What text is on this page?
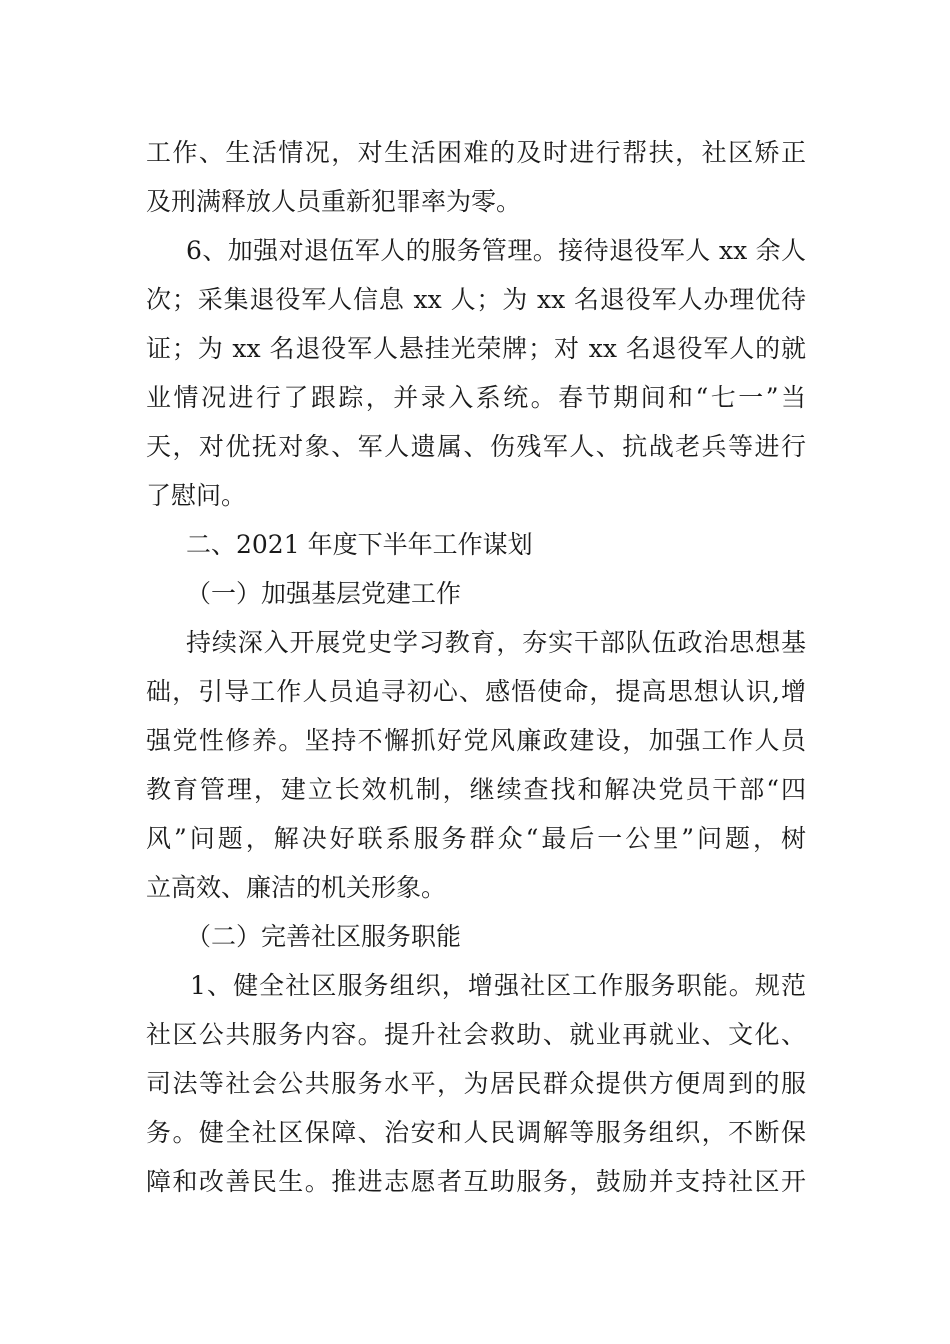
工作、生活情况，对生活困难的及时进行帮扶，社区矫正
及刑满释放人员重新犯罪率为零。
6、加强对退伍军人的服务管理。接待退役军人 xx 余人
次；采集退役军人信息 xx 人；为 xx 名退役军人办理优待
证；为 xx 名退役军人悬挂光荣牌；对 xx 名退役军人的就
业情况进行了跟踪，并录入系统。春节期间和“七一”当
天，对优抚对象、军人遗属、伤残军人、抗战老兵等进行
了慰问。
二、2021 年度下半年工作谋划
（一）加强基层党建工作
持续深入开展党史学习教育，夯实干部队伍政治思想基
础，引导工作人员追寻初心、感悟使命，提高思想认识,增
强党性修养。坚持不懈抓好党风廉政建设，加强工作人员
教育管理，建立长效机制，继续查找和解决党员干部“四
风”问题，解决好联系服务群众“最后一公里”问题，树
立高效、廉洁的机关形象。
（二）完善社区服务职能
1、健全社区服务组织，增强社区工作服务职能。规范
社区公共服务内容。提升社会救助、就业再就业、文化、
司法等社会公共服务水平，为居民群众提供方便周到的服
务。健全社区保障、治安和人民调解等服务组织，不断保
障和改善民生。推进志愿者互助服务，鼓励并支持社区开
